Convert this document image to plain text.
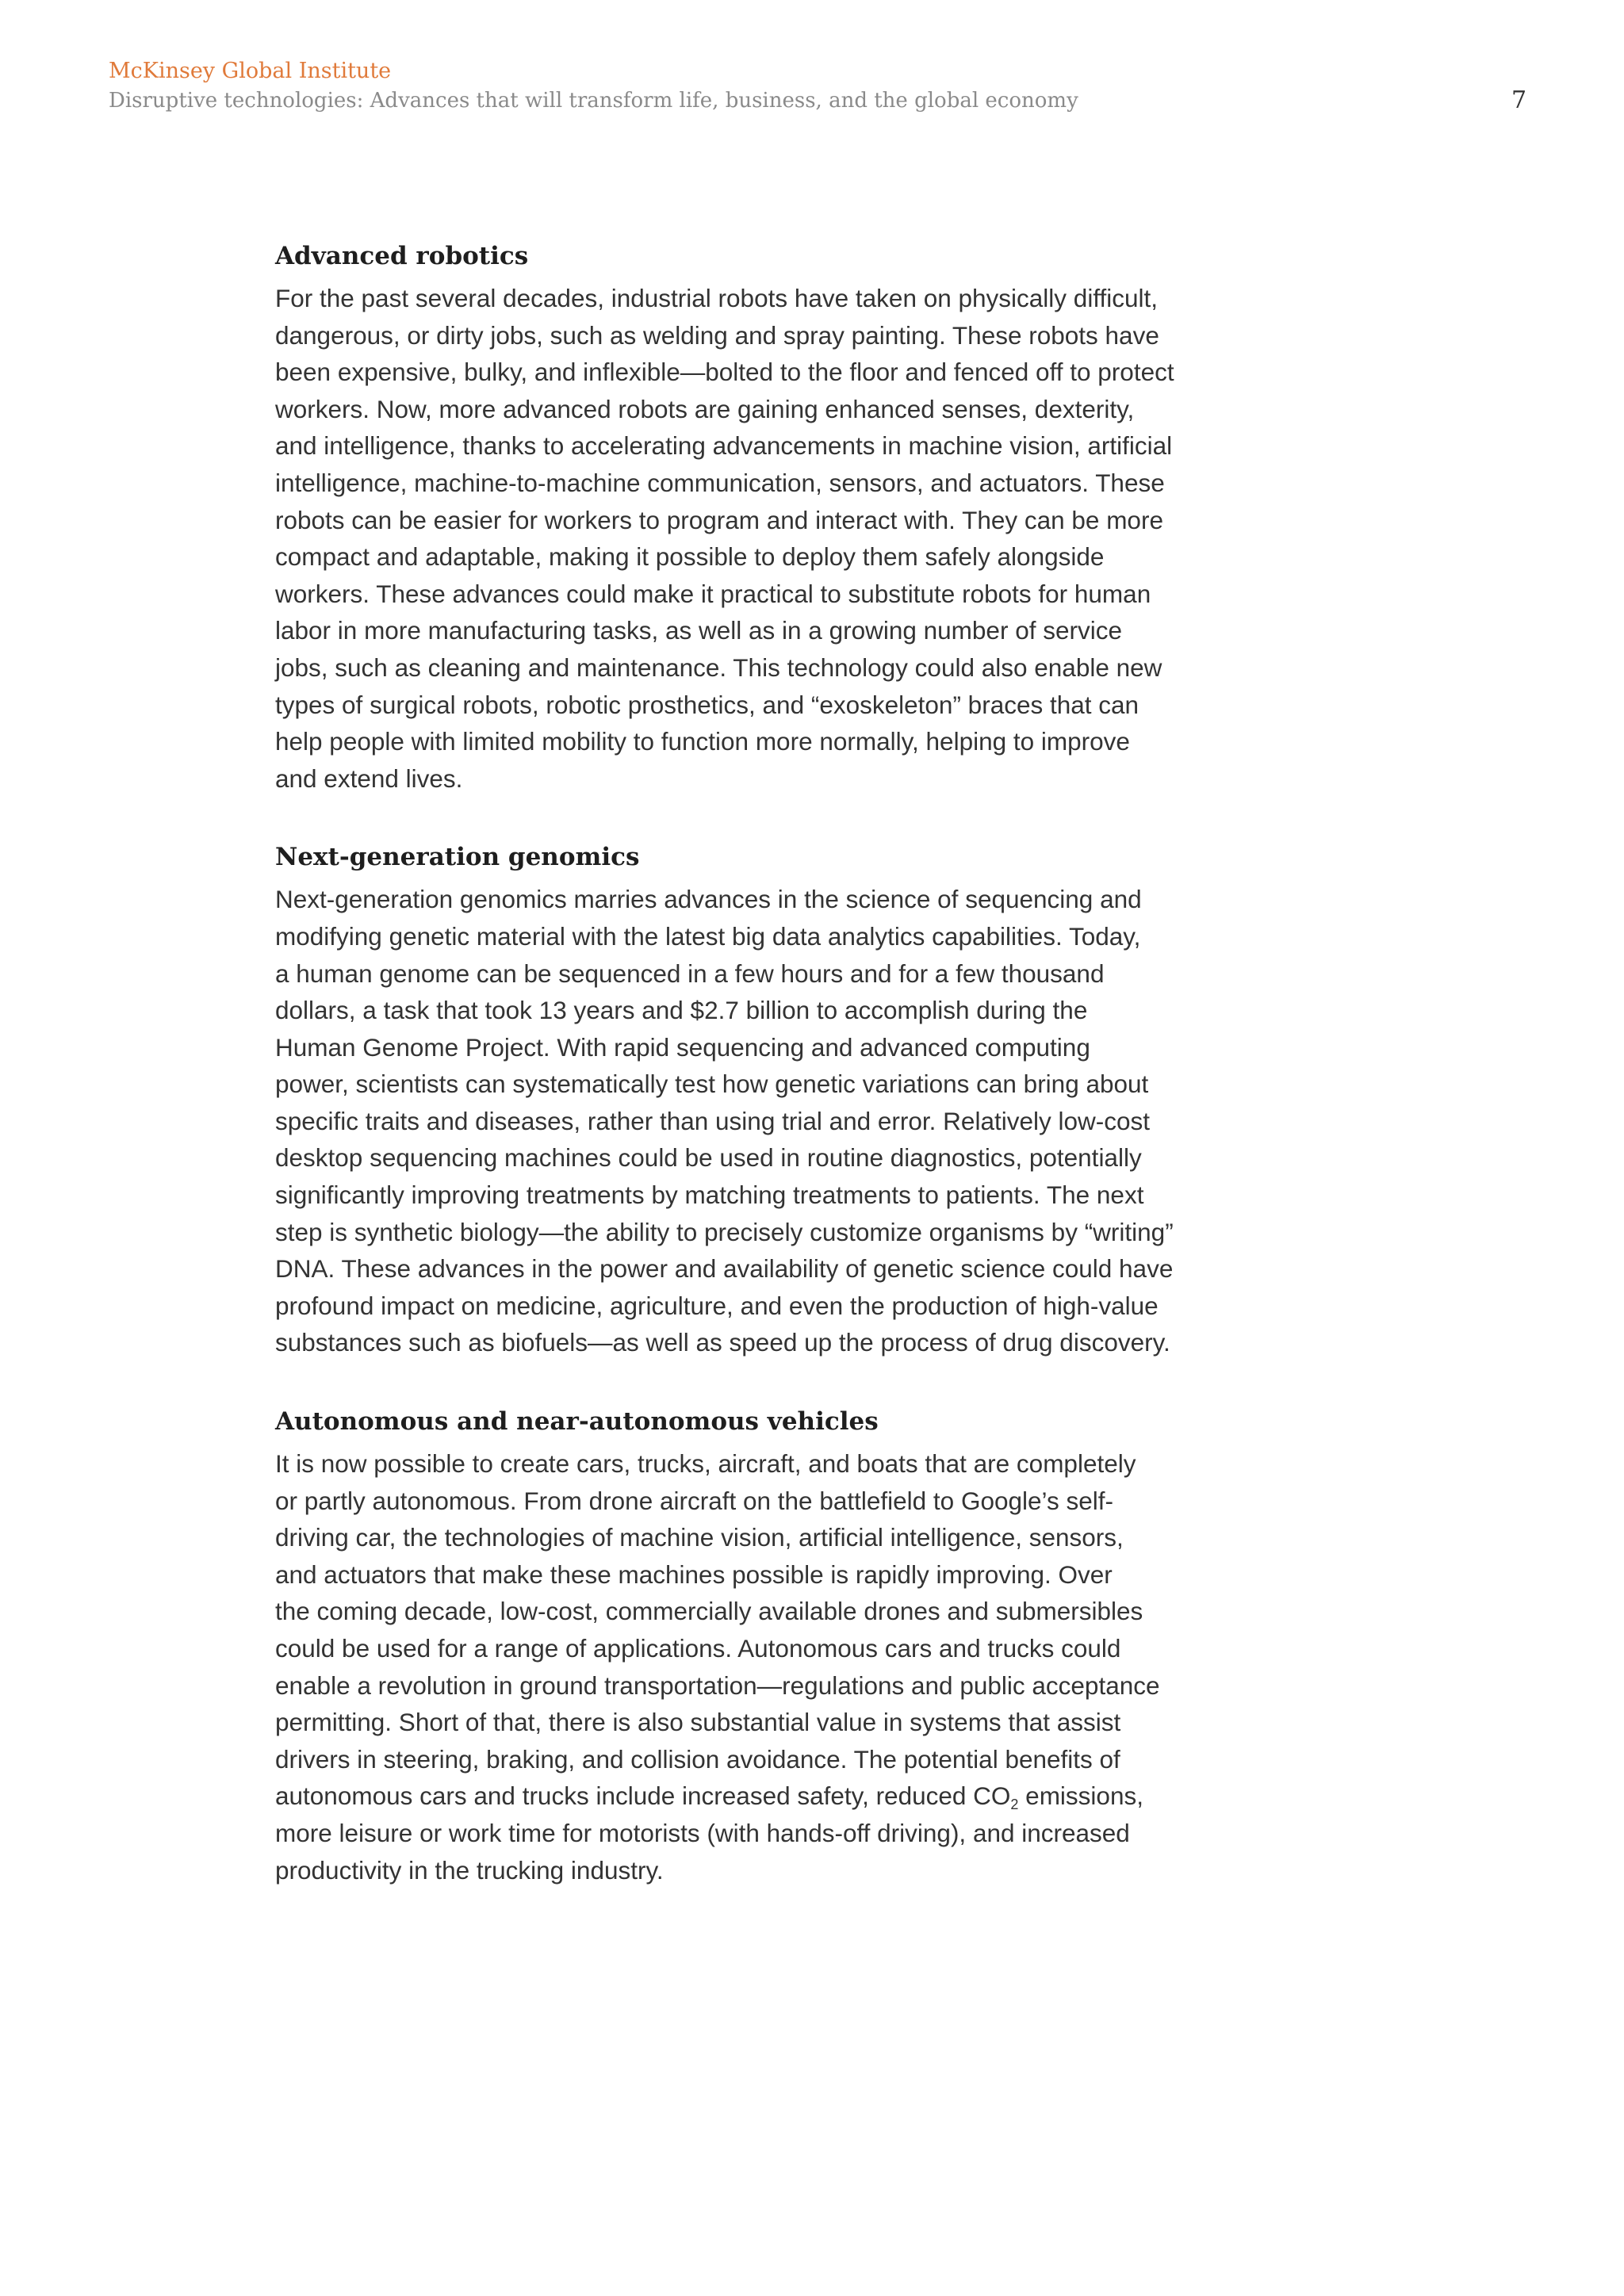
McKinsey Global Institute
Disruptive technologies: Advances that will transform life, business, and the global economy	7
Advanced robotics

For the past several decades, industrial robots have taken on physically difficult,
dangerous, or dirty jobs, such as welding and spray painting. These robots have
been expensive, bulky, and inflexible—bolted to the floor and fenced off to protect
workers. Now, more advanced robots are gaining enhanced senses, dexterity,
and intelligence, thanks to accelerating advancements in machine vision, artificial
intelligence, machine-to-machine communication, sensors, and actuators. These
robots can be easier for workers to program and interact with. They can be more
compact and adaptable, making it possible to deploy them safely alongside
workers. These advances could make it practical to substitute robots for human
labor in more manufacturing tasks, as well as in a growing number of service
jobs, such as cleaning and maintenance. This technology could also enable new
types of surgical robots, robotic prosthetics, and “exoskeleton” braces that can
help people with limited mobility to function more normally, helping to improve
and extend lives.

Next-generation genomics

Next-generation genomics marries advances in the science of sequencing and
modifying genetic material with the latest big data analytics capabilities. Today,
a human genome can be sequenced in a few hours and for a few thousand
dollars, a task that took 13 years and $2.7 billion to accomplish during the
Human Genome Project. With rapid sequencing and advanced computing
power, scientists can systematically test how genetic variations can bring about
specific traits and diseases, rather than using trial and error. Relatively low-cost
desktop sequencing machines could be used in routine diagnostics, potentially
significantly improving treatments by matching treatments to patients. The next
step is synthetic biology—the ability to precisely customize organisms by “writing”
DNA. These advances in the power and availability of genetic science could have
profound impact on medicine, agriculture, and even the production of high-value
substances such as biofuels—as well as speed up the process of drug discovery.

Autonomous and near-autonomous vehicles

It is now possible to create cars, trucks, aircraft, and boats that are completely
or partly autonomous. From drone aircraft on the battlefield to Google’s self-
driving car, the technologies of machine vision, artificial intelligence, sensors,
and actuators that make these machines possible is rapidly improving. Over
the coming decade, low-cost, commercially available drones and submersibles
could be used for a range of applications. Autonomous cars and trucks could
enable a revolution in ground transportation—regulations and public acceptance
permitting. Short of that, there is also substantial value in systems that assist
drivers in steering, braking, and collision avoidance. The potential benefits of
autonomous cars and trucks include increased safety, reduced $CO_2$ emissions,
more leisure or work time for motorists (with hands-off driving), and increased
productivity in the trucking industry.
